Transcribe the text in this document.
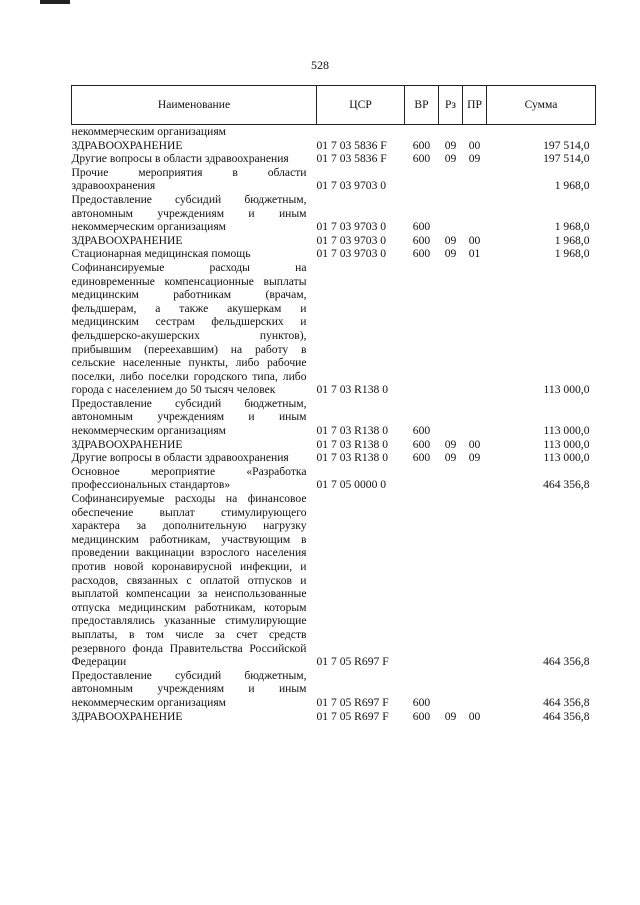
528
Наименование	ЦСР	ВР	Рз	ПР	Сумма
некоммерческим организациям					
ЗДРАВООХРАНЕНИЕ	01 7 03 5836 F	600	09	00	197 514,0
Другие вопросы в области здравоохранения	01 7 03 5836 F	600	09	09	197 514,0
Прочие мероприятия в области здравоохранения	01 7 03 9703 0				1 968,0
Предоставление субсидий бюджетным, автономным учреждениям и иным некоммерческим организациям	01 7 03 9703 0	600			1 968,0
ЗДРАВООХРАНЕНИЕ	01 7 03 9703 0	600	09	00	1 968,0
Стационарная медицинская помощь	01 7 03 9703 0	600	09	01	1 968,0
Софинансируемые расходы на единовременные компенсационные выплаты медицинским работникам (врачам, фельдшерам, а также акушеркам и медицинским сестрам фельдшерских и фельдшерско-акушерских пунктов), прибывшим (переехавшим) на работу в сельские населенные пункты, либо рабочие поселки, либо поселки городского типа, либо города с населением до 50 тысяч человек	01 7 03 R138 0				113 000,0
Предоставление субсидий бюджетным, автономным учреждениям и иным некоммерческим организациям	01 7 03 R138 0	600			113 000,0
ЗДРАВООХРАНЕНИЕ	01 7 03 R138 0	600	09	00	113 000,0
Другие вопросы в области здравоохранения	01 7 03 R138 0	600	09	09	113 000,0
Основное мероприятие «Разработка профессиональных стандартов»	01 7 05 0000 0				464 356,8
Софинансируемые расходы на финансовое обеспечение выплат стимулирующего характера за дополнительную нагрузку медицинским работникам, участвующим в проведении вакцинации взрослого населения против новой коронавирусной инфекции, и расходов, связанных с оплатой отпусков и выплатой компенсации за неиспользованные отпуска медицинским работникам, которым предоставлялись указанные стимулирующие выплаты, в том числе за счет средств резервного фонда Правительства Российской Федерации	01 7 05 R697 F				464 356,8
Предоставление субсидий бюджетным, автономным учреждениям и иным некоммерческим организациям	01 7 05 R697 F	600			464 356,8
ЗДРАВООХРАНЕНИЕ	01 7 05 R697 F	600	09	00	464 356,8
